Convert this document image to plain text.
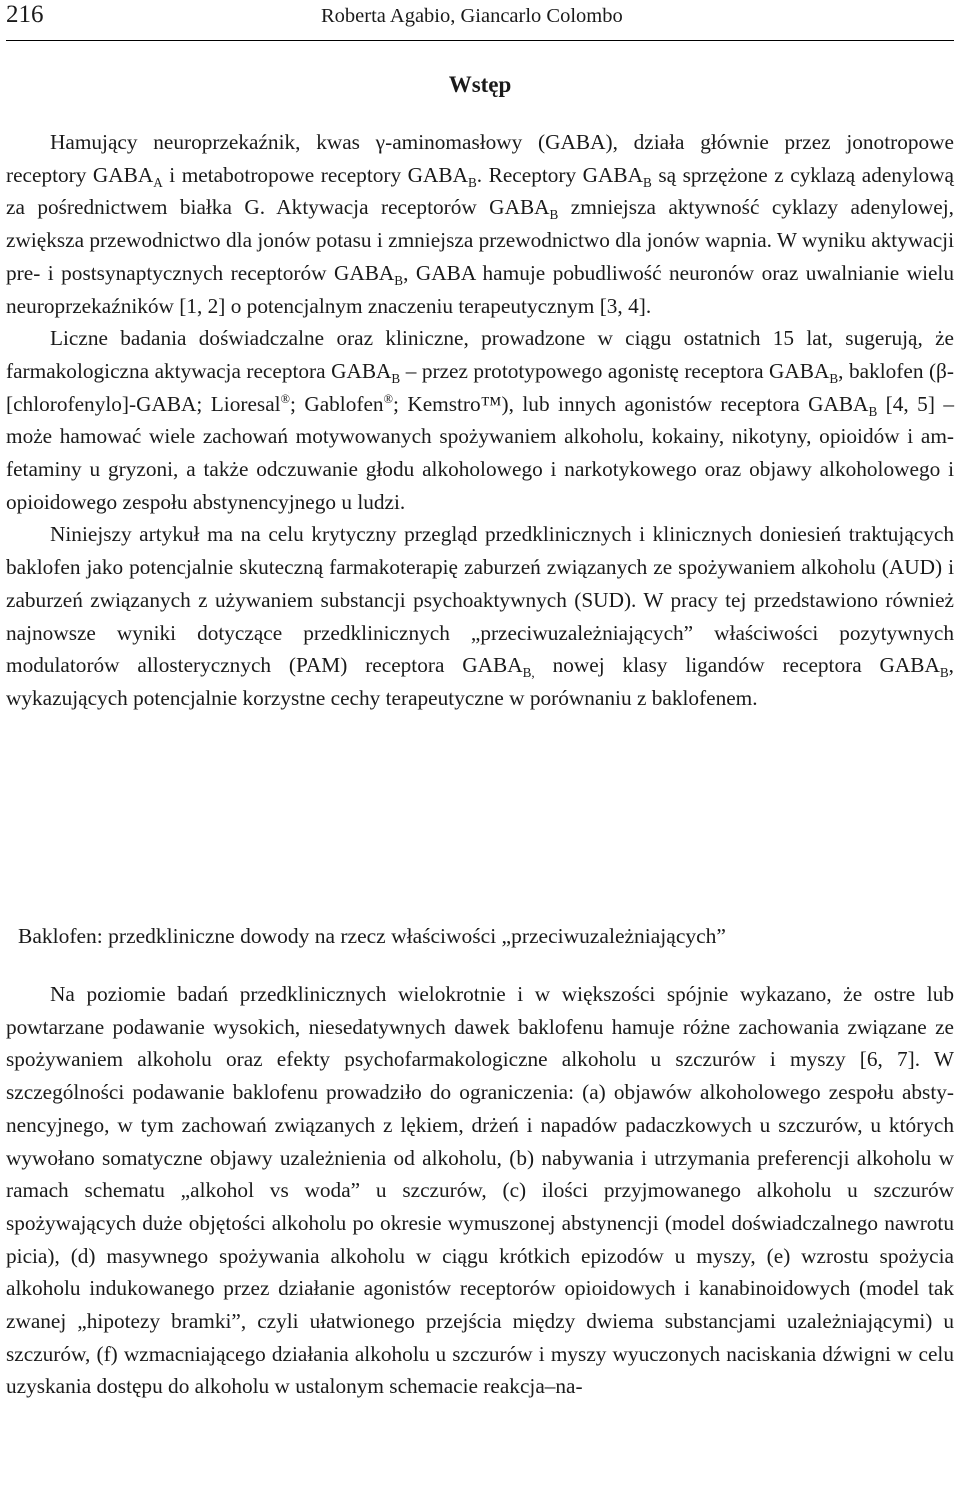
216	Roberta Agabio, Giancarlo Colombo
Wstęp

Hamujący neuroprzekaźnik, kwas γ-aminomasłowy (GABA), działa głównie przez jonotropowe receptory $GABA_A$ i metabotropowe receptory $GABA_B$. Receptory $GABA_B$ są sprzężone z cyklazą adenylową za pośrednictwem białka G. Aktywacja receptorów $GABA_B$ zmniejsza aktywność cyklazy adenylowej, zwiększa przewodnictwo dla jonów potasu i zmniejsza przewodnictwo dla jonów wapnia. W wyniku aktywacji pre- i postsynaptycznych receptorów $GABA_B$, GABA hamuje pobudliwość neuronów oraz uwalnianie wielu neuroprzekaźników [1, 2] o potencjalnym znaczeniu terapeutycznym [3, 4].

Liczne badania doświadczalne oraz kliniczne, prowadzone w ciągu ostatnich 15 lat, sugerują, że farmakologiczna aktywacja receptora $GABA_B$ – przez prototypowego agonistę receptora $GABA_B$, baklofen (β-[chlorofenylo]-GABA; Lioresal®; Gablofen®; Kemstro™), lub innych agonistów receptora $GABA_B$ [4, 5] – może hamować wiele zachowań motywowanych spożywaniem alkoholu, kokainy, nikotyny, opioidów i amfetaminy u gryzoni, a także odczuwanie głodu alkoholowego i narkotykowego oraz objawy alkoholowego i opioidowego zespołu abstynencyjnego u ludzi.

Niniejszy artykuł ma na celu krytyczny przegląd przedklinicznych i klinicznych doniesień traktujących baklofen jako potencjalnie skuteczną farmakoterapię zaburzeń związanych ze spożywaniem alkoholu (AUD) i zaburzeń związanych z używaniem substancji psychoaktywnych (SUD). W pracy tej przedstawiono również najnowsze wyniki dotyczące przedklinicznych „przeciwuzależniających” właściwości pozytywnych modulatorów allosterycznych (PAM) receptora $GABA_{B,}$ nowej klasy ligandów receptora $GABA_B$, wykazujących potencjalnie korzystne cechy terapeutyczne w porównaniu z baklofenem.

Baklofen: przedkliniczne dowody na rzecz właściwości „przeciwuzależniających”

Na poziomie badań przedklinicznych wielokrotnie i w większości spójnie wykazano, że ostre lub powtarzane podawanie wysokich, niesedatywnych dawek baklofenu hamuje różne zachowania związane ze spożywaniem alkoholu oraz efekty psychofarmakologiczne alkoholu u szczurów i myszy [6, 7]. W szczególności podawanie baklofenu prowadziło do ograniczenia: (a) objawów alkoholowego zespołu abstynencyjnego, w tym zachowań związanych z lękiem, drżeń i napadów padaczkowych u szczurów, u których wywołano somatyczne objawy uzależnienia od alkoholu, (b) nabywania i utrzymania preferencji alkoholu w ramach schematu „alkohol vs woda” u szczurów, (c) ilości przyjmowanego alkoholu u szczurów spożywających duże objętości alkoholu po okresie wymuszonej abstynencji (model doświadczalnego nawrotu picia), (d) masywnego spożywania alkoholu w ciągu krótkich epizodów u myszy, (e) wzrostu spożycia alkoholu indukowanego przez działanie agonistów receptorów opioidowych i kanabinoidowych (model tak zwanej „hipotezy bramki”, czyli ułatwionego przejścia między dwiema substancjami uzależniającymi) u szczurów, (f) wzmacniającego działania alkoholu u szczurów i myszy wyuczonych naciskania dźwigni w celu uzyskania dostępu do alkoholu w ustalonym schemacie reakcja–na-
